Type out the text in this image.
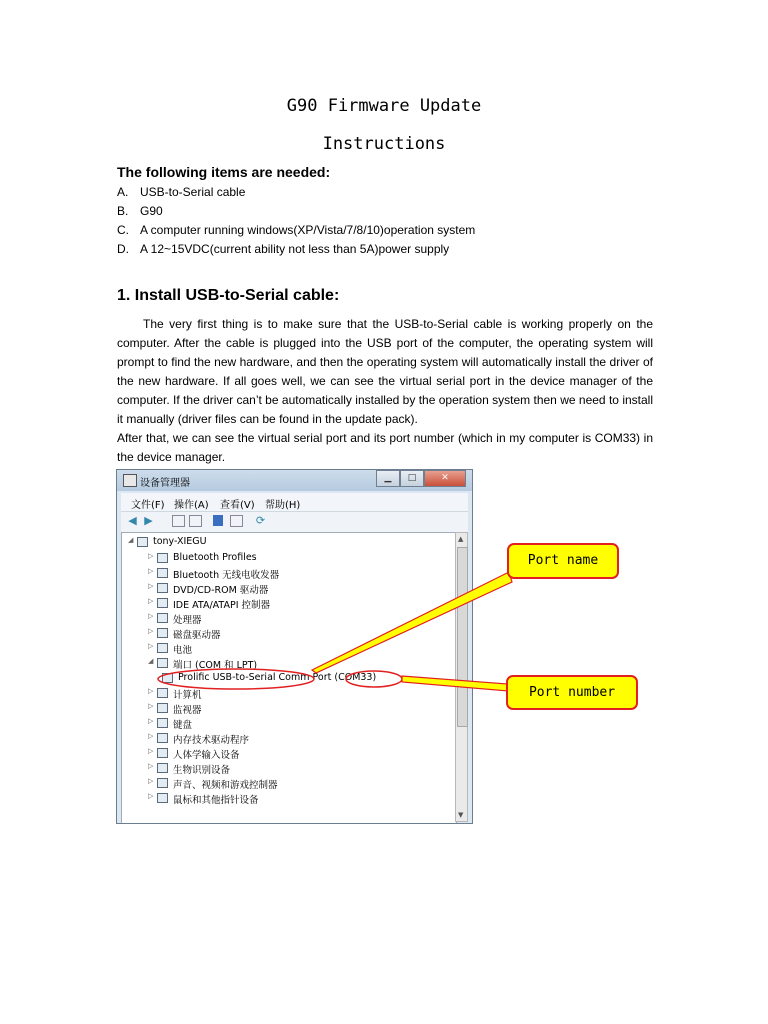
G90 Firmware Update
Instructions
The following items are needed:
A. USB-to-Serial cable
B. G90
C. A computer running windows(XP/Vista/7/8/10)operation system
D. A 12~15VDC(current ability not less than 5A)power supply
1. Install USB-to-Serial cable:
The very first thing is to make sure that the USB-to-Serial cable is working properly on the computer. After the cable is plugged into the USB port of the computer, the operating system will prompt to find the new hardware, and then the operating system will automatically install the driver of the new hardware. If all goes well, we can see the virtual serial port in the device manager of the computer. If the driver can’t be automatically installed by the operation system then we need to install it manually (driver files can be found in the update pack).
After that, we can see the virtual serial port and its port number (which in my computer is COM33) in the device manager.
设备管理器	▁	□	✕
文件(F) 操作(A) 查看(V) 帮助(H)
◀ ▶	⟳
◢ tony-XIEGU
▷ Bluetooth Profiles
▷ Bluetooth 无线电收发器
▷ DVD/CD-ROM 驱动器
▷ IDE ATA/ATAPI 控制器
▷ 处理器
▷ 磁盘驱动器
▷ 电池
◢ 端口 (COM 和 LPT)
Prolific USB-to-Serial Comm Port (COM33)
▷ 计算机
▷ 监视器
▷ 键盘
▷ 内存技术驱动程序
▷ 人体学输入设备
▷ 生物识别设备
▷ 声音、视频和游戏控制器
▷ 鼠标和其他指针设备
▲
▼
Port name
Port number
